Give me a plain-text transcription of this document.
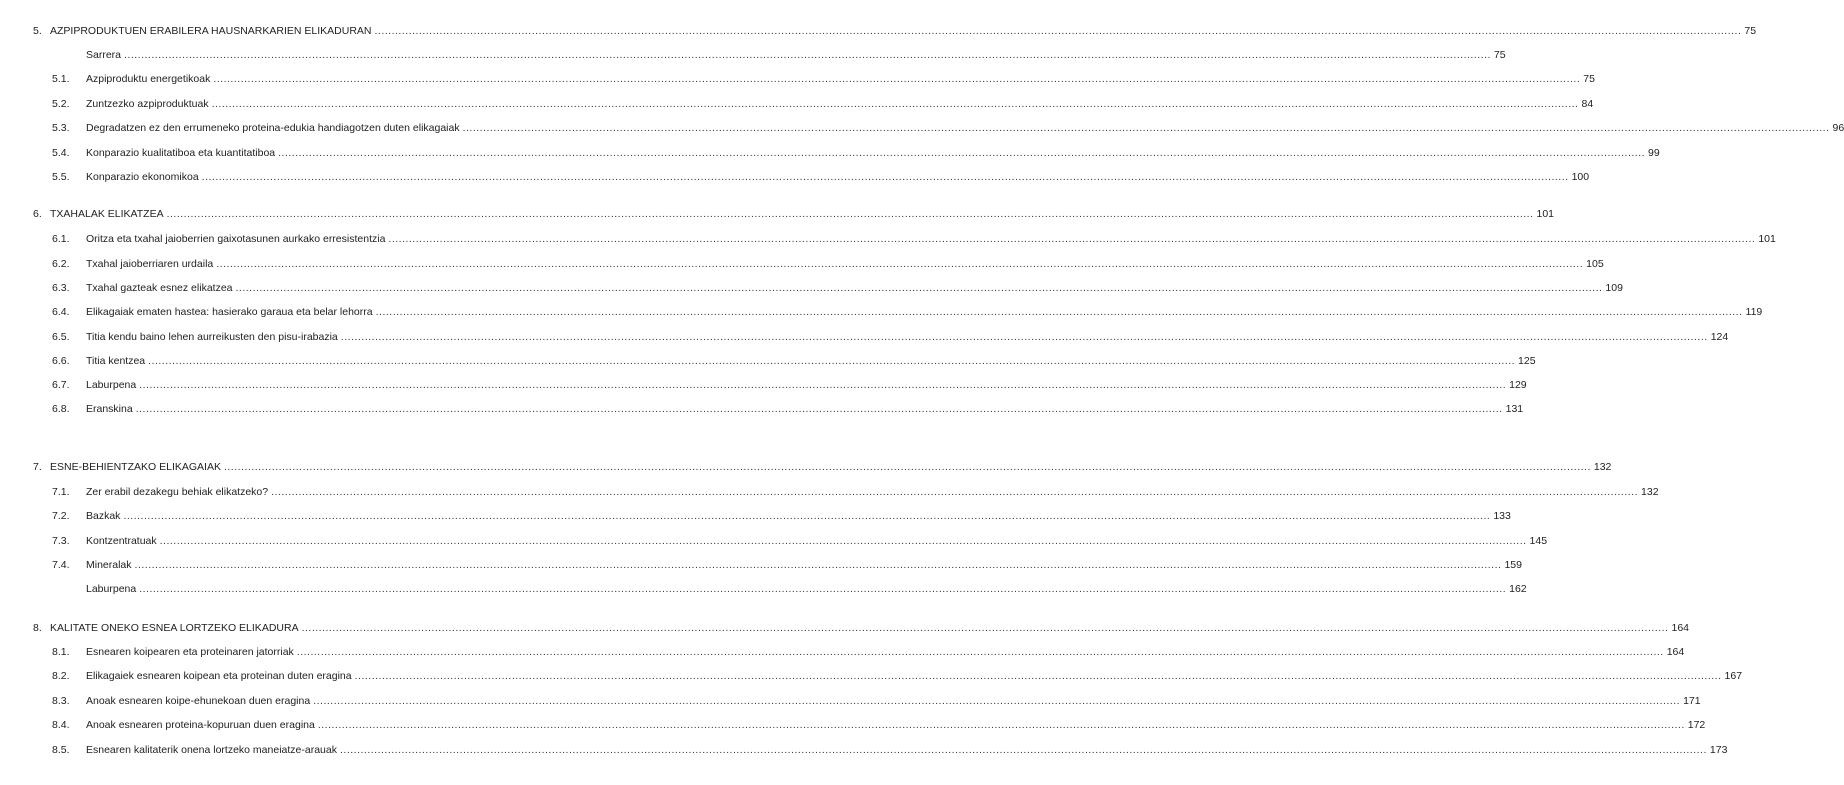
5. AZPIPRODUKTUEN ERABILERA HAUSNARKARIEN ELIKADURAN ................................................................................................................................................................................................................................................................................................................................................................................................................ 75
Sarrera ................................................................................................................................................................................................................................................................................................................................................................................................................ 75
5.1. Azpiproduktu energetikoak ................................................................................................................................................................................................................................................................................................................................................................................................................ 75
5.2. Zuntzezko azpiproduktuak ................................................................................................................................................................................................................................................................................................................................................................................................................ 84
5.3. Degradatzen ez den errumeneko proteina-edukia handiagotzen duten elikagaiak ................................................................................................................................................................................................................................................................................................................................................................................................................ 96
5.4. Konparazio kualitatiboa eta kuantitatiboa ................................................................................................................................................................................................................................................................................................................................................................................................................ 99
5.5. Konparazio ekonomikoa ................................................................................................................................................................................................................................................................................................................................................................................................................ 100
6. TXAHALAK ELIKATZEA ................................................................................................................................................................................................................................................................................................................................................................................................................ 101
6.1. Oritza eta txahal jaioberrien gaixotasunen aurkako erresistentzia ................................................................................................................................................................................................................................................................................................................................................................................................................ 101
6.2. Txahal jaioberriaren urdaila ................................................................................................................................................................................................................................................................................................................................................................................................................ 105
6.3. Txahal gazteak esnez elikatzea ................................................................................................................................................................................................................................................................................................................................................................................................................ 109
6.4. Elikagaiak ematen hastea: hasierako garaua eta belar lehorra ................................................................................................................................................................................................................................................................................................................................................................................................................ 119
6.5. Titia kendu baino lehen aurreikusten den pisu-irabazia ................................................................................................................................................................................................................................................................................................................................................................................................................ 124
6.6. Titia kentzea ................................................................................................................................................................................................................................................................................................................................................................................................................ 125
6.7. Laburpena ................................................................................................................................................................................................................................................................................................................................................................................................................ 129
6.8. Eranskina ................................................................................................................................................................................................................................................................................................................................................................................................................ 131
7. ESNE-BEHIENTZAKO ELIKAGAIAK ................................................................................................................................................................................................................................................................................................................................................................................................................ 132
7.1. Zer erabil dezakegu behiak elikatzeko? ................................................................................................................................................................................................................................................................................................................................................................................................................ 132
7.2. Bazkak ................................................................................................................................................................................................................................................................................................................................................................................................................ 133
7.3. Kontzentratuak ................................................................................................................................................................................................................................................................................................................................................................................................................ 145
7.4. Mineralak ................................................................................................................................................................................................................................................................................................................................................................................................................ 159
Laburpena ................................................................................................................................................................................................................................................................................................................................................................................................................ 162
8. KALITATE ONEKO ESNEA LORTZEKO ELIKADURA ................................................................................................................................................................................................................................................................................................................................................................................................................ 164
8.1. Esnearen koipearen eta proteinaren jatorriak ................................................................................................................................................................................................................................................................................................................................................................................................................ 164
8.2. Elikagaiek esnearen koipean eta proteinan duten eragina ................................................................................................................................................................................................................................................................................................................................................................................................................ 167
8.3. Anoak esnearen koipe-ehunekoan duen eragina ................................................................................................................................................................................................................................................................................................................................................................................................................ 171
8.4. Anoak esnearen proteina-kopuruan duen eragina ................................................................................................................................................................................................................................................................................................................................................................................................................ 172
8.5. Esnearen kalitaterik onena lortzeko maneiatze-arauak ................................................................................................................................................................................................................................................................................................................................................................................................................ 173
